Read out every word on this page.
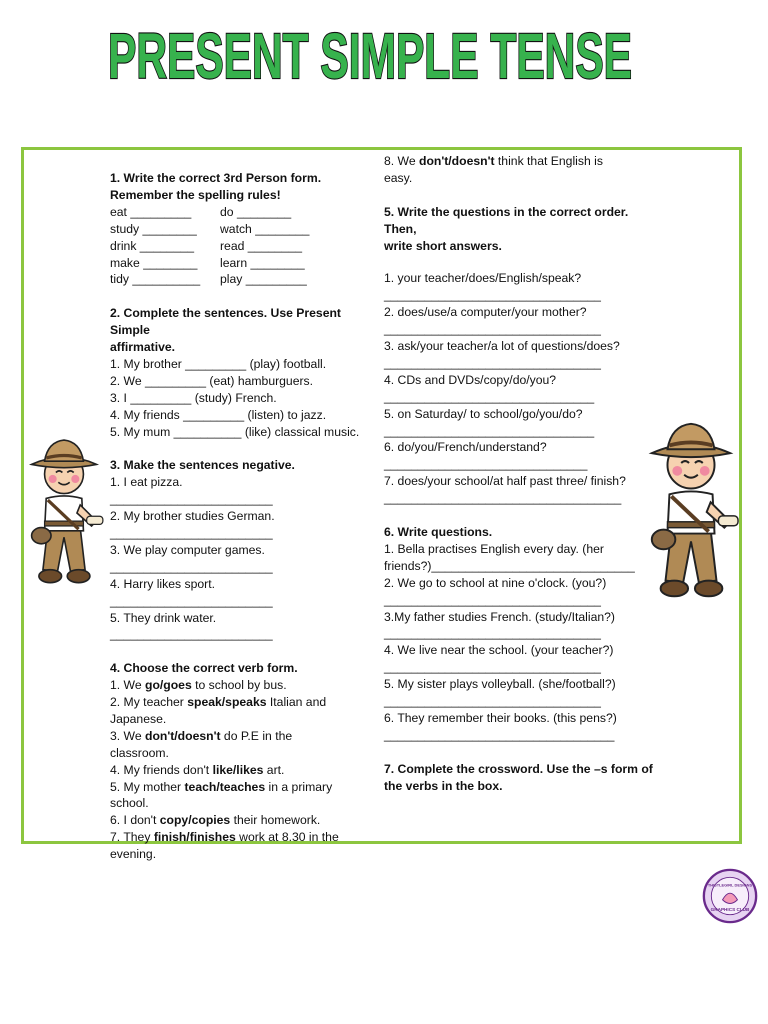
PRESENT SIMPLE TENSE

1. Write the correct 3rd Person form.

Remember the spelling rules!

eat _________	do ________
study ________	watch ________
drink ________	read ________
make ________	learn ________
tidy __________	play _________

2. Complete the sentences. Use Present Simple

affirmative.

1. My brother _________ (play) football.

2. We _________ (eat) hamburguers.

3. I _________ (study) French.

4. My friends _________ (listen) to jazz.

5. My mum __________ (like) classical music.

3. Make the sentences negative.

1. I eat pizza.

________________________

2. My brother studies German.

________________________

3. We play computer games.

________________________

4. Harry likes sport.

________________________

5. They drink water.

________________________

4. Choose the correct verb form.

1. We go/goes to school by bus.

2. My teacher speak/speaks Italian and

Japanese.

3. We don't/doesn't do P.E in the

classroom.

4. My friends don't like/likes art.

5. My mother teach/teaches in a primary

school.

6. I don't copy/copies their homework.

7. They finish/finishes work at 8.30 in the

evening.

8. We don't/doesn't think that English is

easy.

5. Write the questions in the correct order. Then,

write short answers.

1. your teacher/does/English/speak?

________________________________

2. does/use/a computer/your mother?

________________________________

3. ask/your teacher/a lot of questions/does?

________________________________

4. CDs and DVDs/copy/do/you?

_______________________________

5. on Saturday/ to school/go/you/do?

_______________________________

6. do/you/French/understand?

______________________________

7. does/your school/at half past three/ finish?

___________________________________

6. Write questions.

1. Bella practises English every day. (her

friends?)______________________________

2. We go to school at nine o'clock. (you?)

________________________________

3.My father studies French. (study/Italian?)

________________________________

4. We live near the school. (your teacher?)

________________________________

5. My sister plays volleyball. (she/football?)

________________________________

6. They remember their books. (this pens?)

__________________________________

7. Complete the crossword. Use the –s form of

the verbs in the box.

THISTLEGIRL DESIGNS
GRAPHICS CLUB
